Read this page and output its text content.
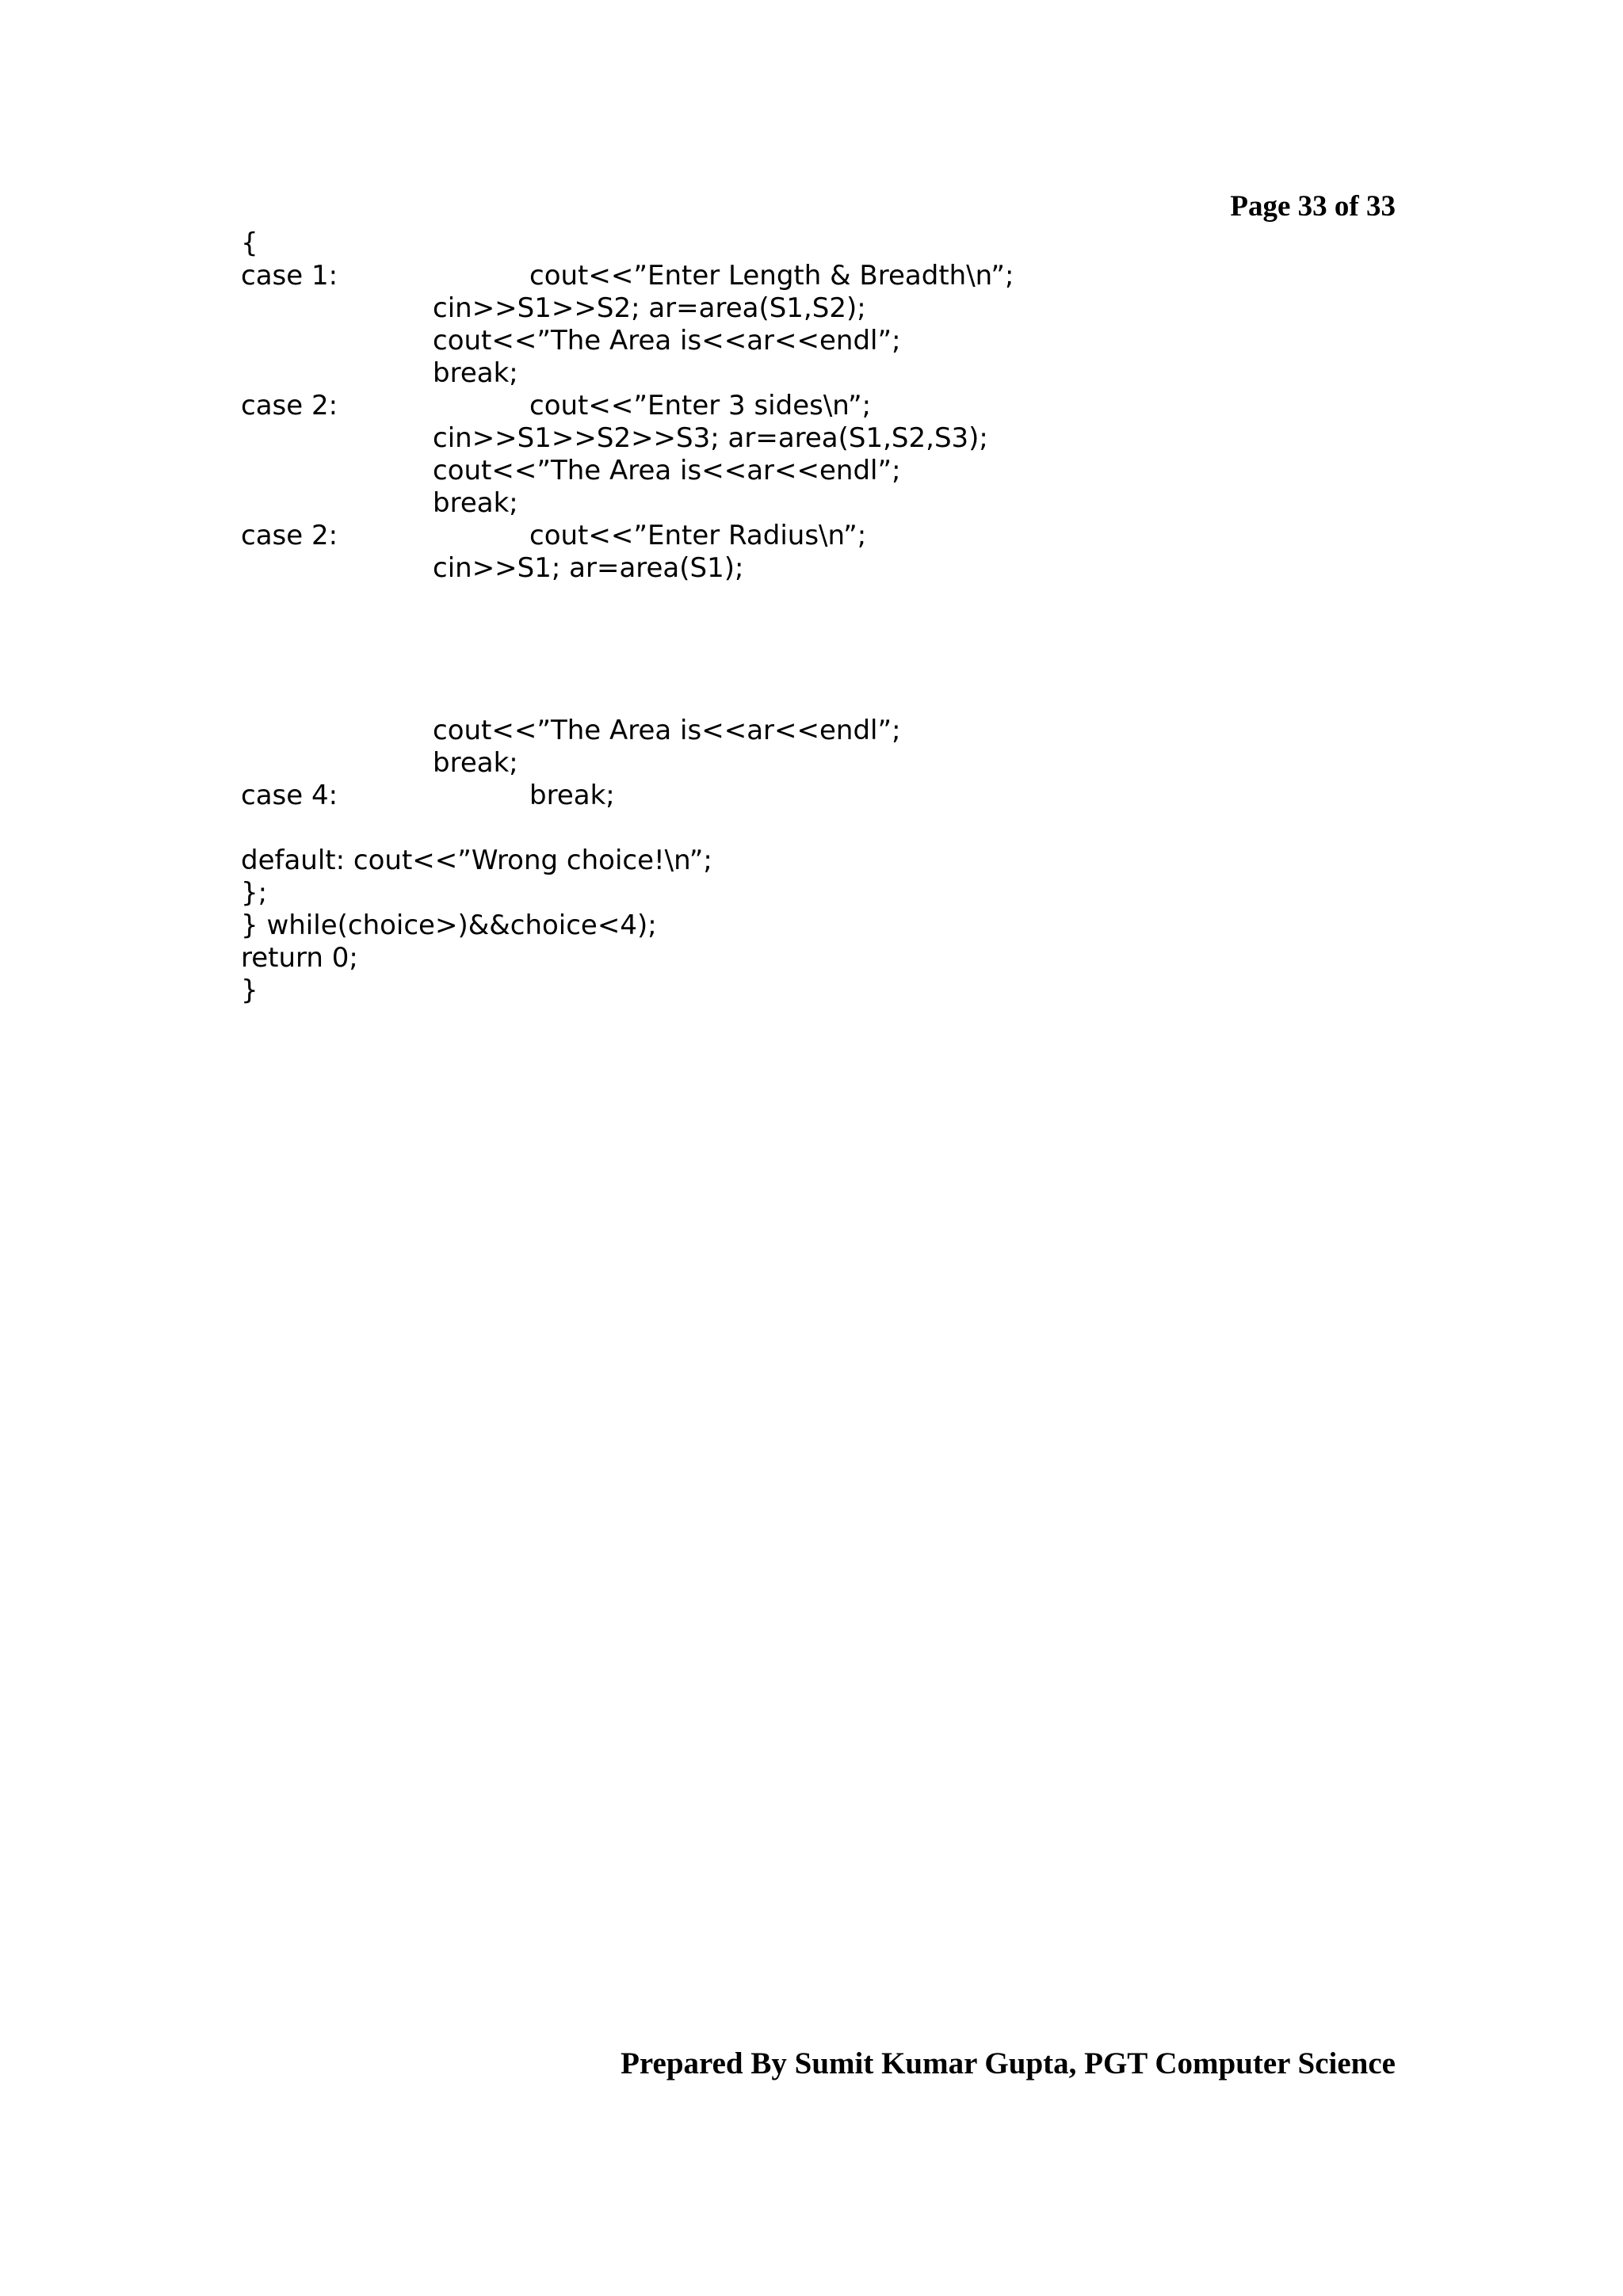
Page 33 of 33
{
case 1:	cout<<”Enter Length & Breadth\n”;
cin>>S1>>S2; ar=area(S1,S2);
cout<<”The Area is<<ar<<endl”;
break;
case 2:	cout<<”Enter 3 sides\n”;
cin>>S1>>S2>>S3; ar=area(S1,S2,S3);
cout<<”The Area is<<ar<<endl”;
break;
case 2:	cout<<”Enter Radius\n”;
cin>>S1; ar=area(S1);
cout<<”The Area is<<ar<<endl”;
break;
case 4:	break;
default: cout<<”Wrong choice!\n”;
};
} while(choice>)&&choice<4);
return 0;
}
Prepared By Sumit Kumar Gupta, PGT Computer Science
